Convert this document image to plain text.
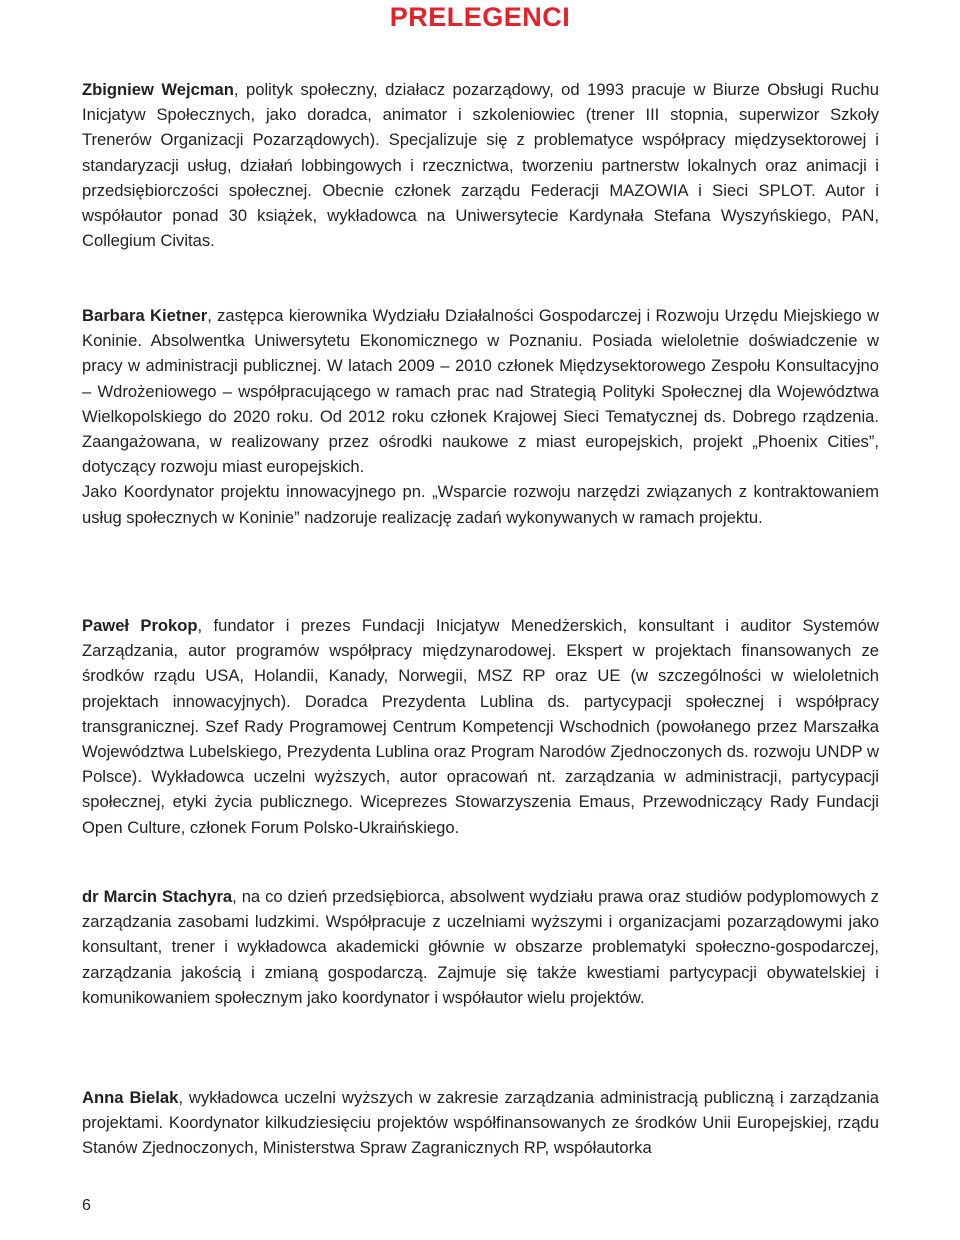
PRELEGENCI

Zbigniew Wejcman, polityk społeczny, działacz pozarządowy, od 1993 pracuje w Biurze Obsługi Ruchu Inicjatyw Społecznych, jako doradca, animator i szkoleniowiec (trener III stopnia, superwizor Szkoły Trenerów Organizacji Pozarządowych). Specjalizuje się z problematyce współpracy międzysektorowej i standaryzacji usług, działań lobbingowych i rzecznictwa, tworzeniu partnerstw lokalnych oraz animacji i przedsiębiorczości społecznej. Obecnie członek zarządu Federacji MAZOWIA i Sieci SPLOT. Autor i współautor ponad 30 książek, wykładowca na Uniwersytecie Kardynała Stefana Wyszyńskiego, PAN, Collegium Civitas.

Barbara Kietner, zastępca kierownika Wydziału Działalności Gospodarczej i Rozwoju Urzędu Miejskiego w Koninie. Absolwentka Uniwersytetu Ekonomicznego w Poznaniu. Posiada wieloletnie doświadczenie w pracy w administracji publicznej. W latach 2009 – 2010 członek Międzysektorowego Zespołu Konsultacyjno – Wdrożeniowego – współpracującego w ramach prac nad Strategią Polityki Społecznej dla Województwa Wielkopolskiego do 2020 roku. Od 2012 roku członek Krajowej Sieci Tematycznej ds. Dobrego rządzenia. Zaangażowana, w realizowany przez ośrodki naukowe z miast europejskich, projekt „Phoenix Cities”, dotyczący rozwoju miast europejskich.
Jako Koordynator projektu innowacyjnego pn. „Wsparcie rozwoju narzędzi związanych z kontraktowaniem usług społecznych w Koninie” nadzoruje realizację zadań wykonywanych w ramach projektu.

Paweł Prokop, fundator i prezes Fundacji Inicjatyw Menedżerskich, konsultant i auditor Systemów Zarządzania, autor programów współpracy międzynarodowej. Ekspert w projektach finansowanych ze środków rządu USA, Holandii, Kanady, Norwegii, MSZ RP oraz UE (w szczególności w wieloletnich projektach innowacyjnych). Doradca Prezydenta Lublina ds. partycypacji społecznej i współpracy transgranicznej. Szef Rady Programowej Centrum Kompetencji Wschodnich (powołanego przez Marszałka Województwa Lubelskiego, Prezydenta Lublina oraz Program Narodów Zjednoczonych ds. rozwoju UNDP w Polsce). Wykładowca uczelni wyższych, autor opracowań nt. zarządzania w administracji, partycypacji społecznej, etyki życia publicznego. Wiceprezes Stowarzyszenia Emaus, Przewodniczący Rady Fundacji Open Culture, członek Forum Polsko-Ukraińskiego.

dr Marcin Stachyra, na co dzień przedsiębiorca, absolwent wydziału prawa oraz studiów podyplomowych z zarządzania zasobami ludzkimi. Współpracuje z uczelniami wyższymi i organizacjami pozarządowymi jako konsultant, trener i wykładowca akademicki głównie w obszarze problematyki społeczno-gospodarczej, zarządzania jakością i zmianą gospodarczą. Zajmuje się także kwestiami partycypacji obywatelskiej i komunikowaniem społecznym jako koordynator i współautor wielu projektów.

Anna Bielak, wykładowca uczelni wyższych w zakresie zarządzania administracją publiczną i zarządzania projektami. Koordynator kilkudziesięciu projektów współfinansowanych ze środków Unii Europejskiej, rządu Stanów Zjednoczonych, Ministerstwa Spraw Zagranicznych RP, współautorka

6
